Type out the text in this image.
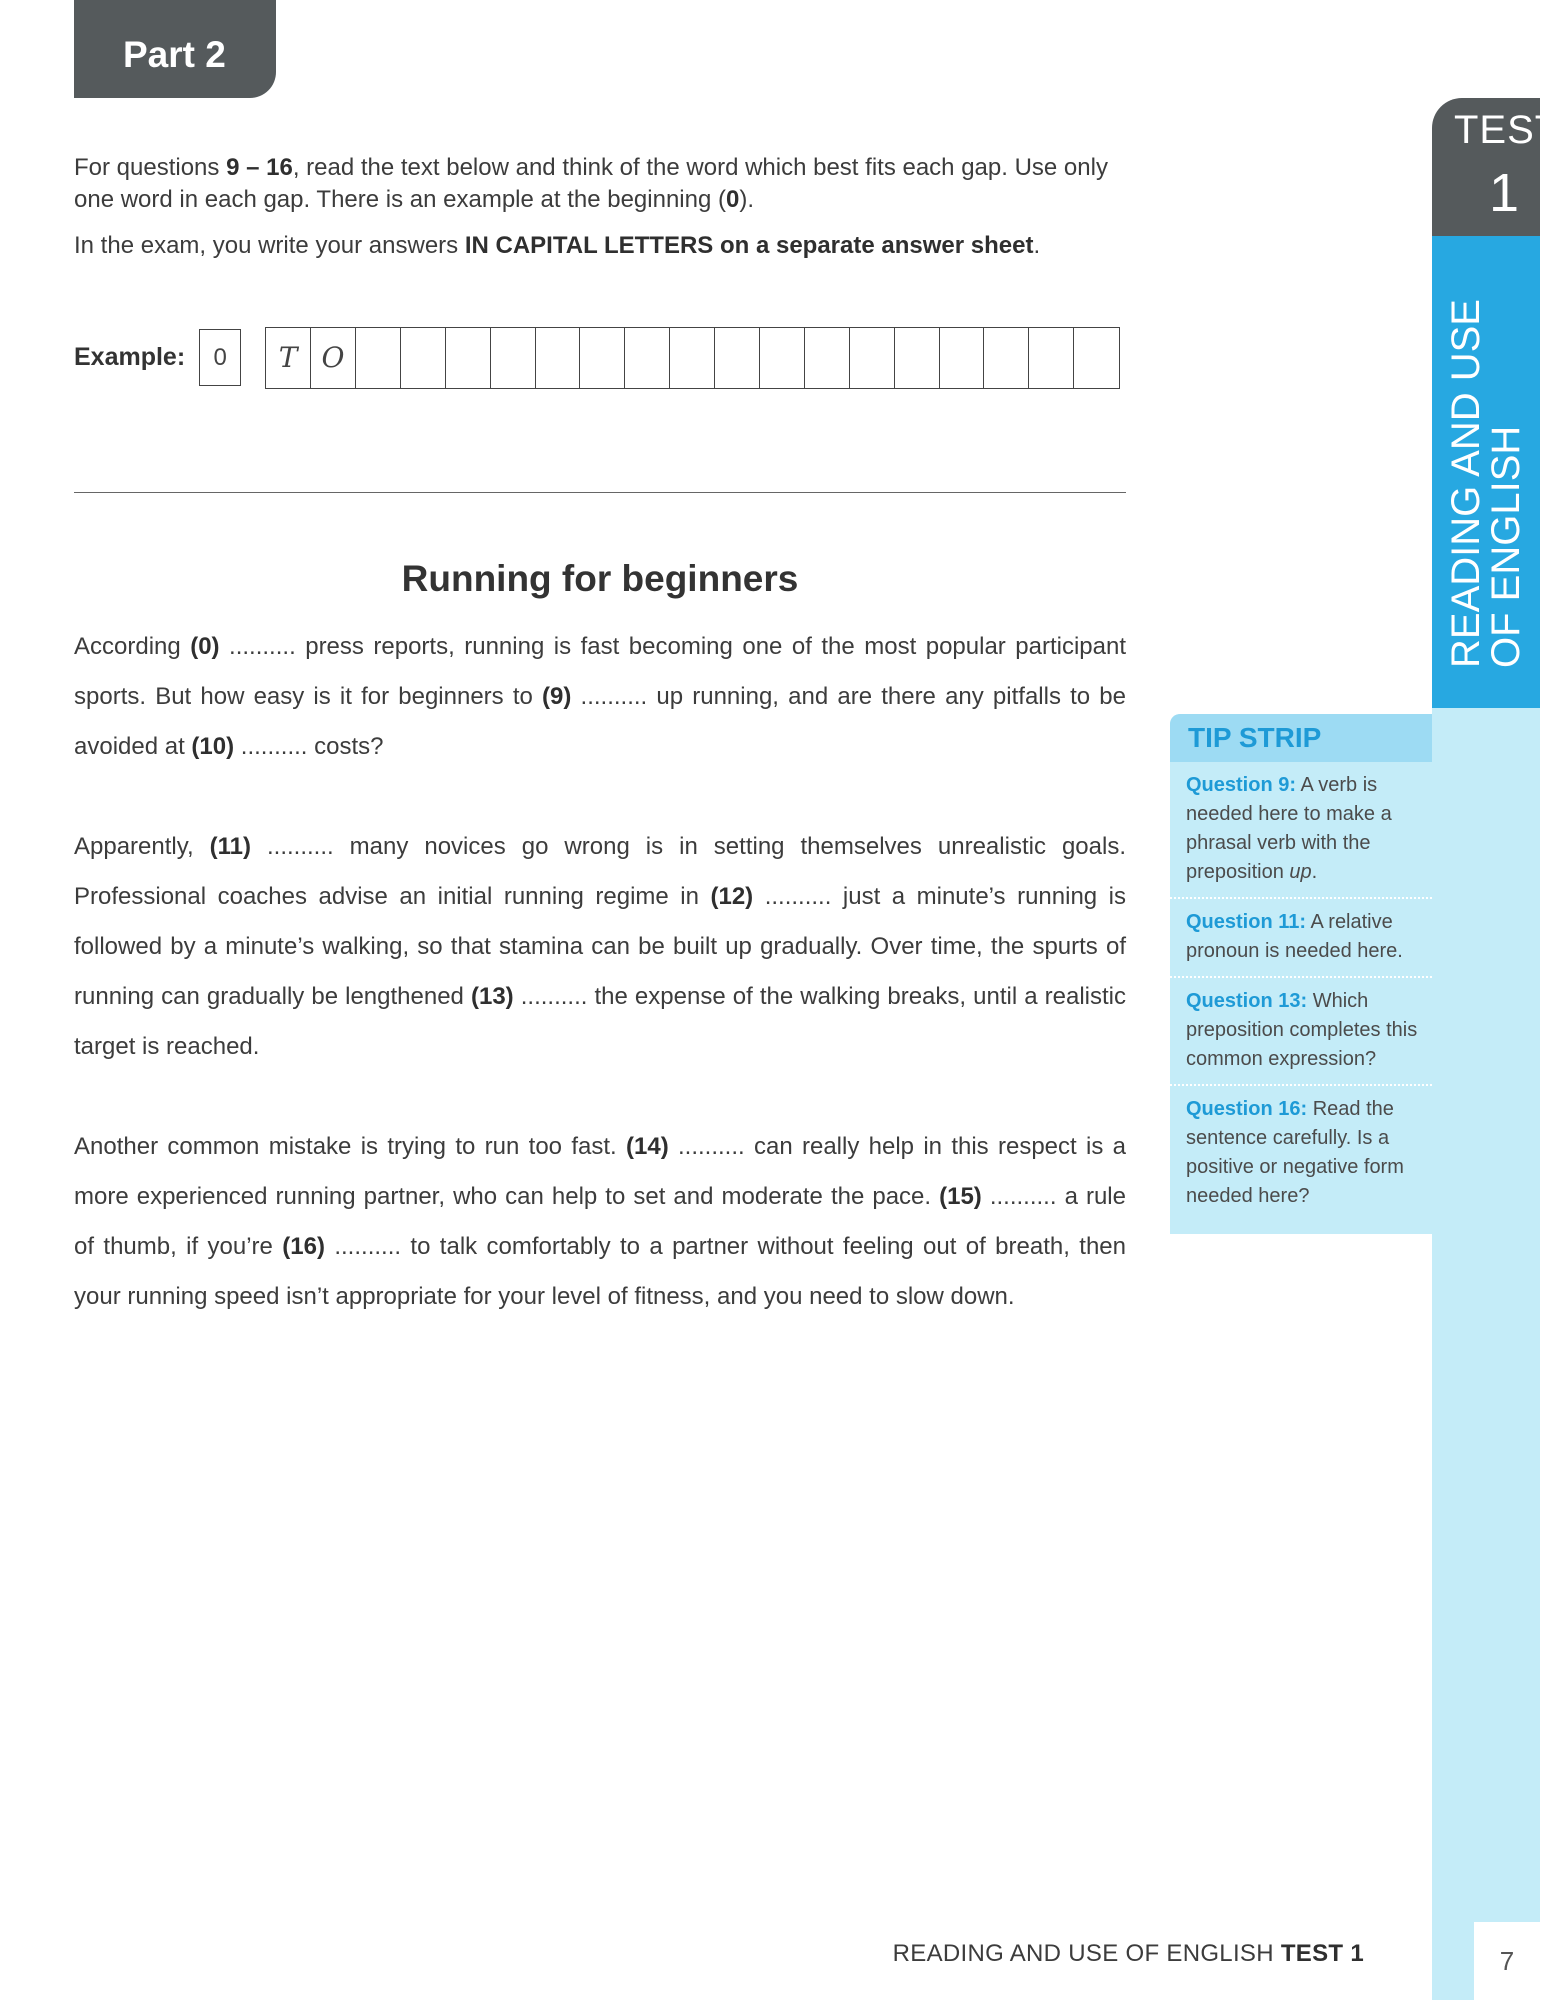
Part 2
For questions 9 – 16, read the text below and think of the word which best fits each gap. Use only one word in each gap. There is an example at the beginning (0).
In the exam, you write your answers IN CAPITAL LETTERS on a separate answer sheet.
Example:	0	T O
Running for beginners
According (0) .......... press reports, running is fast becoming one of the most popular participant sports. But how easy is it for beginners to (9) .......... up running, and are there any pitfalls to be avoided at (10) .......... costs?
Apparently, (11) .......... many novices go wrong is in setting themselves unrealistic goals. Professional coaches advise an initial running regime in (12) .......... just a minute’s running is followed by a minute’s walking, so that stamina can be built up gradually. Over time, the spurts of running can gradually be lengthened (13) .......... the expense of the walking breaks, until a realistic target is reached.
Another common mistake is trying to run too fast. (14) .......... can really help in this respect is a more experienced running partner, who can help to set and moderate the pace. (15) .......... a rule of thumb, if you’re (16) .......... to talk comfortably to a partner without feeling out of breath, then your running speed isn’t appropriate for your level of fitness, and you need to slow down.
TEST
1
READING AND USE
OF ENGLISH
TIP STRIP
Question 9: A verb is needed here to make a phrasal verb with the preposition up.
Question 11: A relative pronoun is needed here.
Question 13: Which preposition completes this common expression?
Question 16: Read the sentence carefully. Is a positive or negative form needed here?
READING AND USE OF ENGLISH TEST 1	7
